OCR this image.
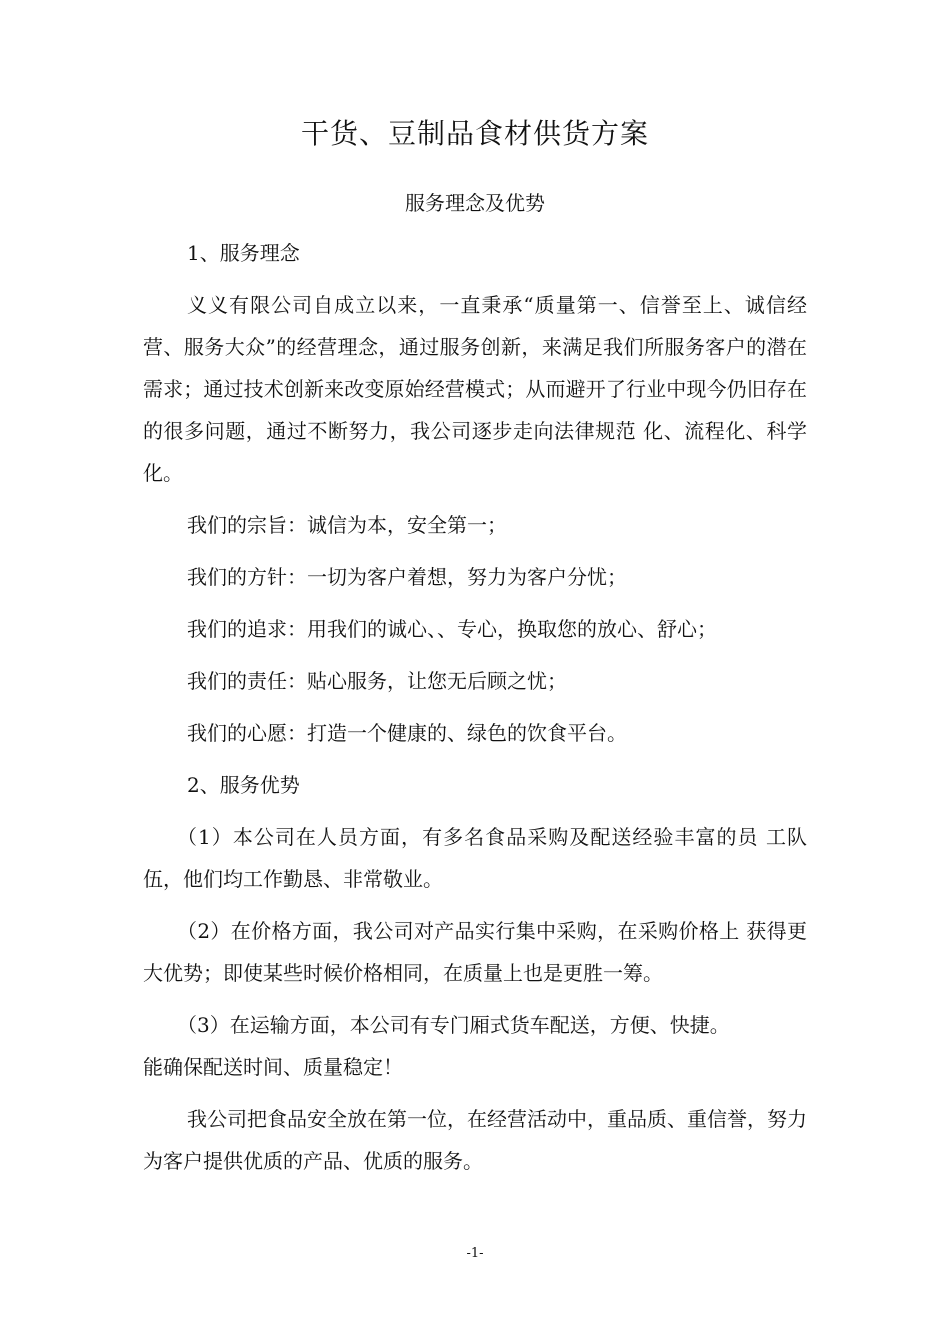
干货、豆制品食材供货方案
服务理念及优势

1、服务理念

义义有限公司自成立以来，一直秉承“质量第一、信誉至上、诚信经营、服务大众”的经营理念，通过服务创新，来满足我们所服务客户的潜在需求；通过技术创新来改变原始经营模式；从而避开了行业中现今仍旧存在的很多问题，通过不断努力，我公司逐步走向法律规范 化、流程化、科学化。

我们的宗旨：诚信为本，安全第一；

我们的方针：一切为客户着想，努力为客户分忧；

我们的追求：用我们的诚心、、专心，换取您的放心、舒心；

我们的责任：贴心服务，让您无后顾之忧；

我们的心愿：打造一个健康的、绿色的饮食平台。

2、服务优势

（1）本公司在人员方面，有多名食品采购及配送经验丰富的员 工队伍，他们均工作勤恳、非常敬业。

（2）在价格方面，我公司对产品实行集中采购，在采购价格上 获得更大优势；即使某些时候价格相同，在质量上也是更胜一筹。

（3）在运输方面，本公司有专门厢式货车配送，方便、快捷。

能确保配送时间、质量稳定！

我公司把食品安全放在第一位，在经营活动中，重品质、重信誉，努力为客户提供优质的产品、优质的服务。

-1-
